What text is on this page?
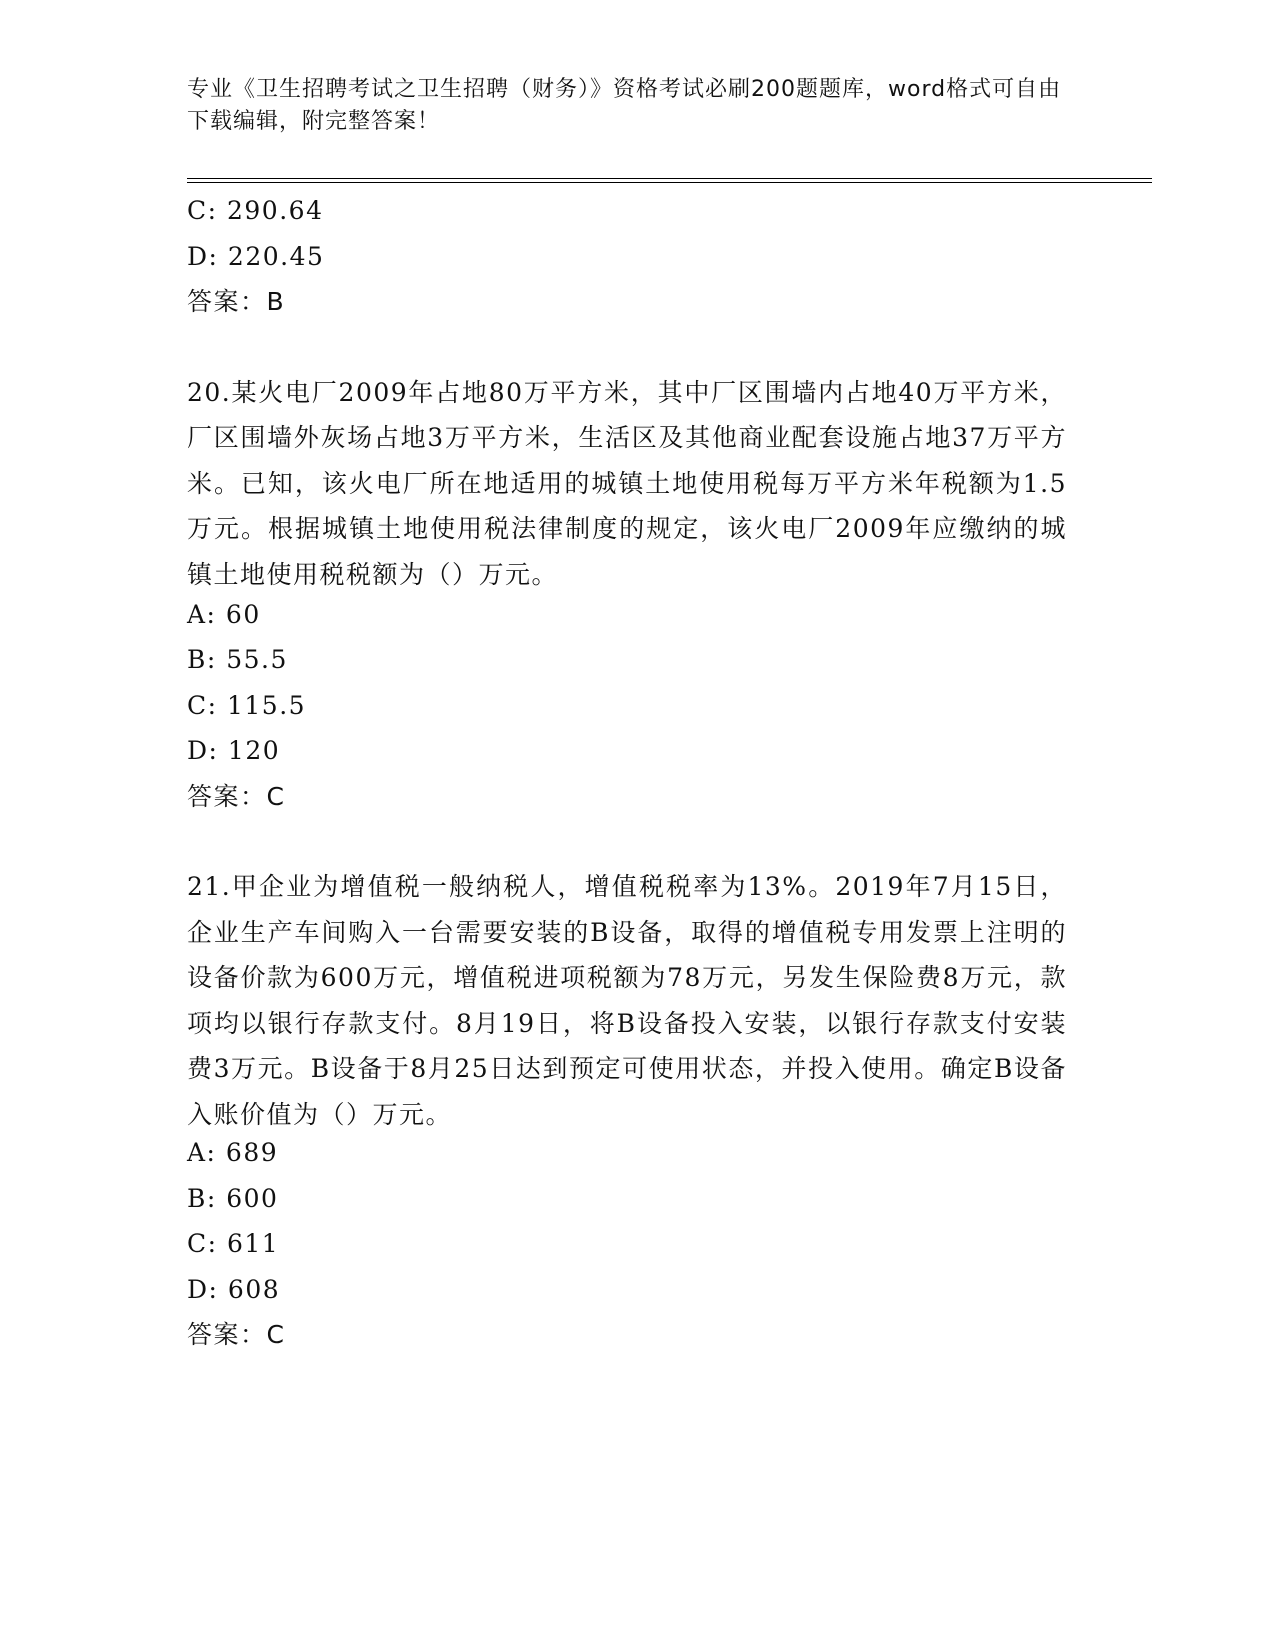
专业《卫生招聘考试之卫生招聘（财务）》资格考试必刷200题题库，word格式可自由下载编辑，附完整答案！
C: 290.64
D: 220.45
答案：B
20.某火电厂2009年占地80万平方米，其中厂区围墙内占地40万平方米，厂区围墙外灰场占地3万平方米，生活区及其他商业配套设施占地37万平方米。已知，该火电厂所在地适用的城镇土地使用税每万平方米年税额为1.5万元。根据城镇土地使用税法律制度的规定，该火电厂2009年应缴纳的城镇土地使用税税额为（）万元。
A: 60
B: 55.5
C: 115.5
D: 120
答案：C
21.甲企业为增值税一般纳税人，增值税税率为13%。2019年7月15日，企业生产车间购入一台需要安装的B设备，取得的增值税专用发票上注明的设备价款为600万元，增值税进项税额为78万元，另发生保险费8万元，款项均以银行存款支付。8月19日，将B设备投入安装，以银行存款支付安装费3万元。B设备于8月25日达到预定可使用状态，并投入使用。确定B设备入账价值为（）万元。
A: 689
B: 600
C: 611
D: 608
答案：C
